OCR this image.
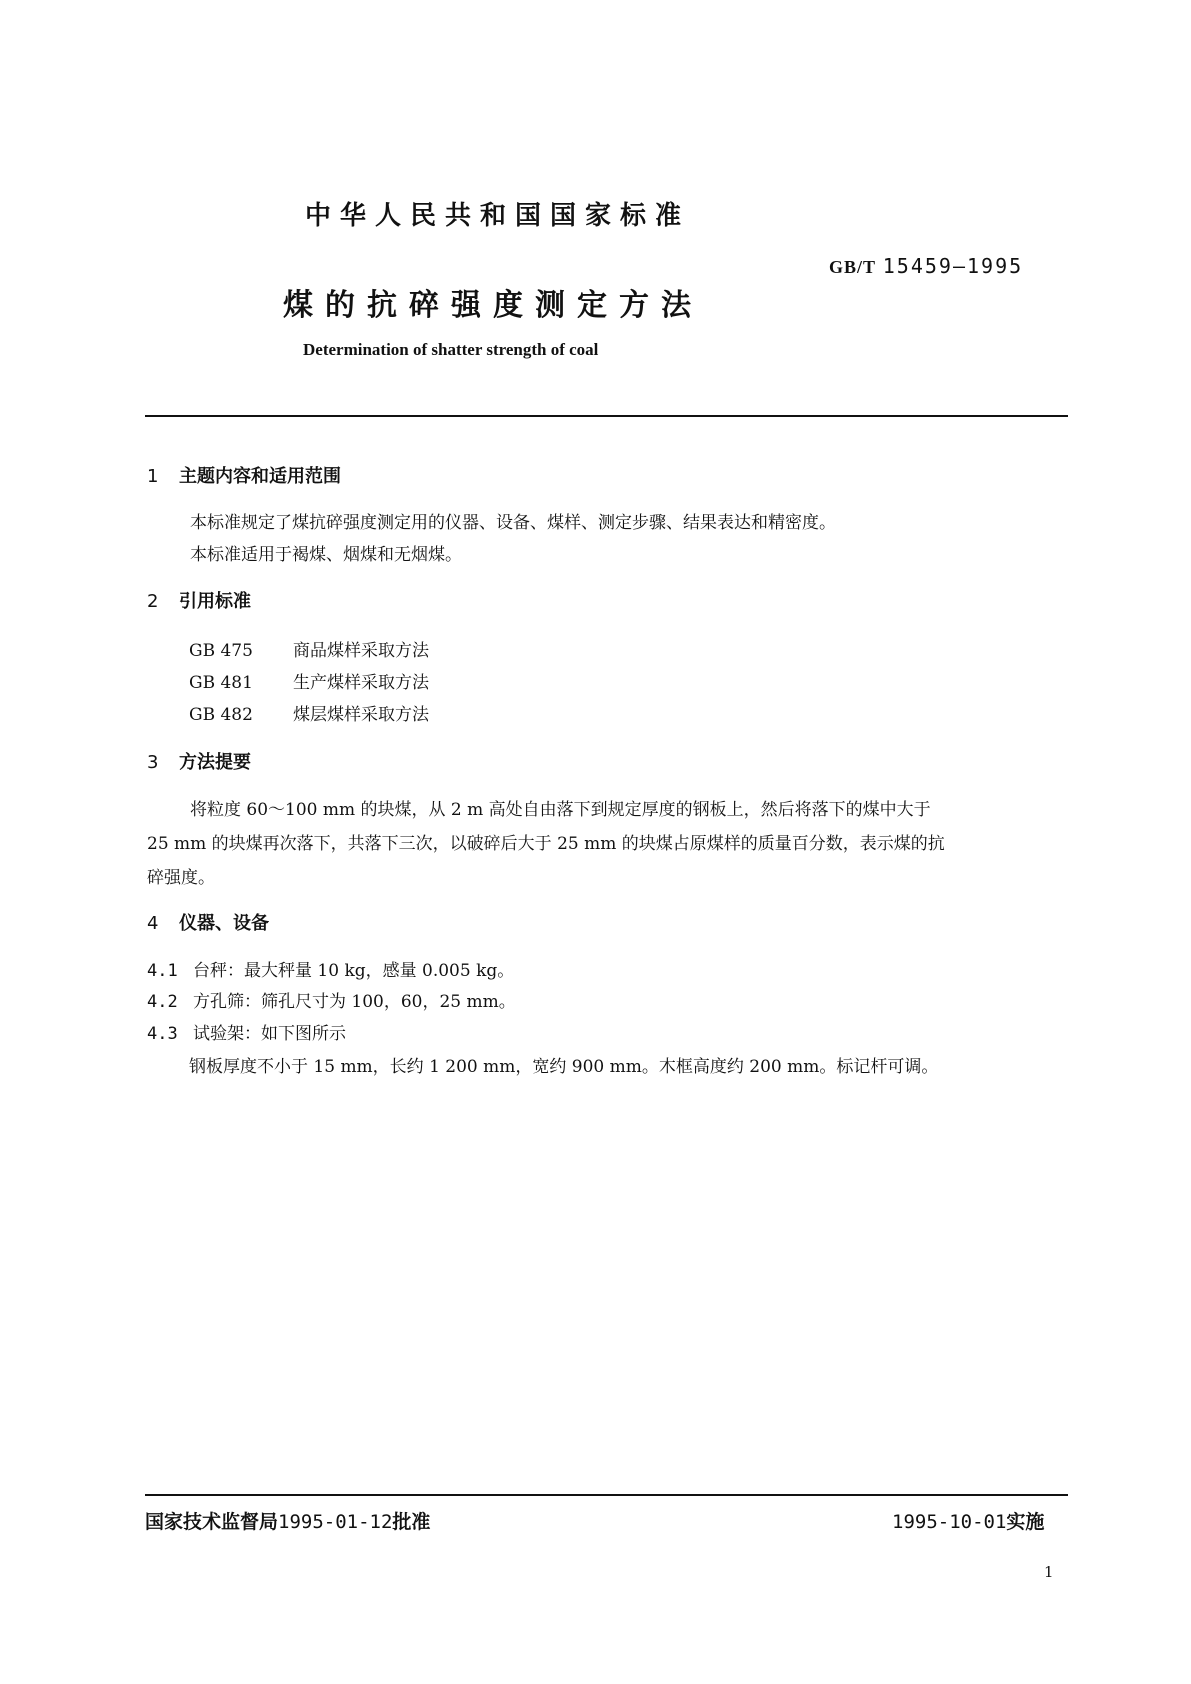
中华人民共和国国家标准
GB/T 15459—1995
煤的抗碎强度测定方法
Determination of shatter strength of coal
1 主题内容和适用范围
本标准规定了煤抗碎强度测定用的仪器、设备、煤样、测定步骤、结果表达和精密度。
本标准适用于褐煤、烟煤和无烟煤。
2 引用标准
GB 475 商品煤样采取方法
GB 481 生产煤样采取方法
GB 482 煤层煤样采取方法
3 方法提要
将粒度 60～100 mm 的块煤，从 2 m 高处自由落下到规定厚度的钢板上，然后将落下的煤中大于
25 mm 的块煤再次落下，共落下三次，以破碎后大于 25 mm 的块煤占原煤样的质量百分数，表示煤的抗
碎强度。
4 仪器、设备
4.1 台秤：最大秤量 10 kg，感量 0.005 kg。
4.2 方孔筛：筛孔尺寸为 100，60，25 mm。
4.3 试验架：如下图所示
钢板厚度不小于 15 mm，长约 1 200 mm，宽约 900 mm。木框高度约 200 mm。标记杆可调。
国家技术监督局1995-01-12批准	1995-10-01实施
1
